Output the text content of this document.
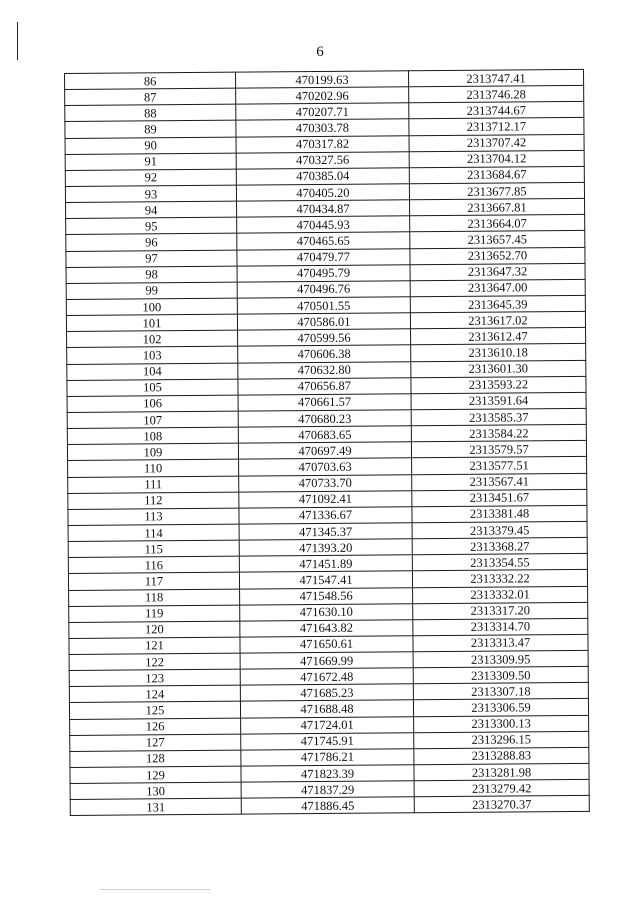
6
86	470199.63	2313747.41
87	470202.96	2313746.28
88	470207.71	2313744.67
89	470303.78	2313712.17
90	470317.82	2313707.42
91	470327.56	2313704.12
92	470385.04	2313684.67
93	470405.20	2313677.85
94	470434.87	2313667.81
95	470445.93	2313664.07
96	470465.65	2313657.45
97	470479.77	2313652.70
98	470495.79	2313647.32
99	470496.76	2313647.00
100	470501.55	2313645.39
101	470586.01	2313617.02
102	470599.56	2313612.47
103	470606.38	2313610.18
104	470632.80	2313601.30
105	470656.87	2313593.22
106	470661.57	2313591.64
107	470680.23	2313585.37
108	470683.65	2313584.22
109	470697.49	2313579.57
110	470703.63	2313577.51
111	470733.70	2313567.41
112	471092.41	2313451.67
113	471336.67	2313381.48
114	471345.37	2313379.45
115	471393.20	2313368.27
116	471451.89	2313354.55
117	471547.41	2313332.22
118	471548.56	2313332.01
119	471630.10	2313317.20
120	471643.82	2313314.70
121	471650.61	2313313.47
122	471669.99	2313309.95
123	471672.48	2313309.50
124	471685.23	2313307.18
125	471688.48	2313306.59
126	471724.01	2313300.13
127	471745.91	2313296.15
128	471786.21	2313288.83
129	471823.39	2313281.98
130	471837.29	2313279.42
131	471886.45	2313270.37
